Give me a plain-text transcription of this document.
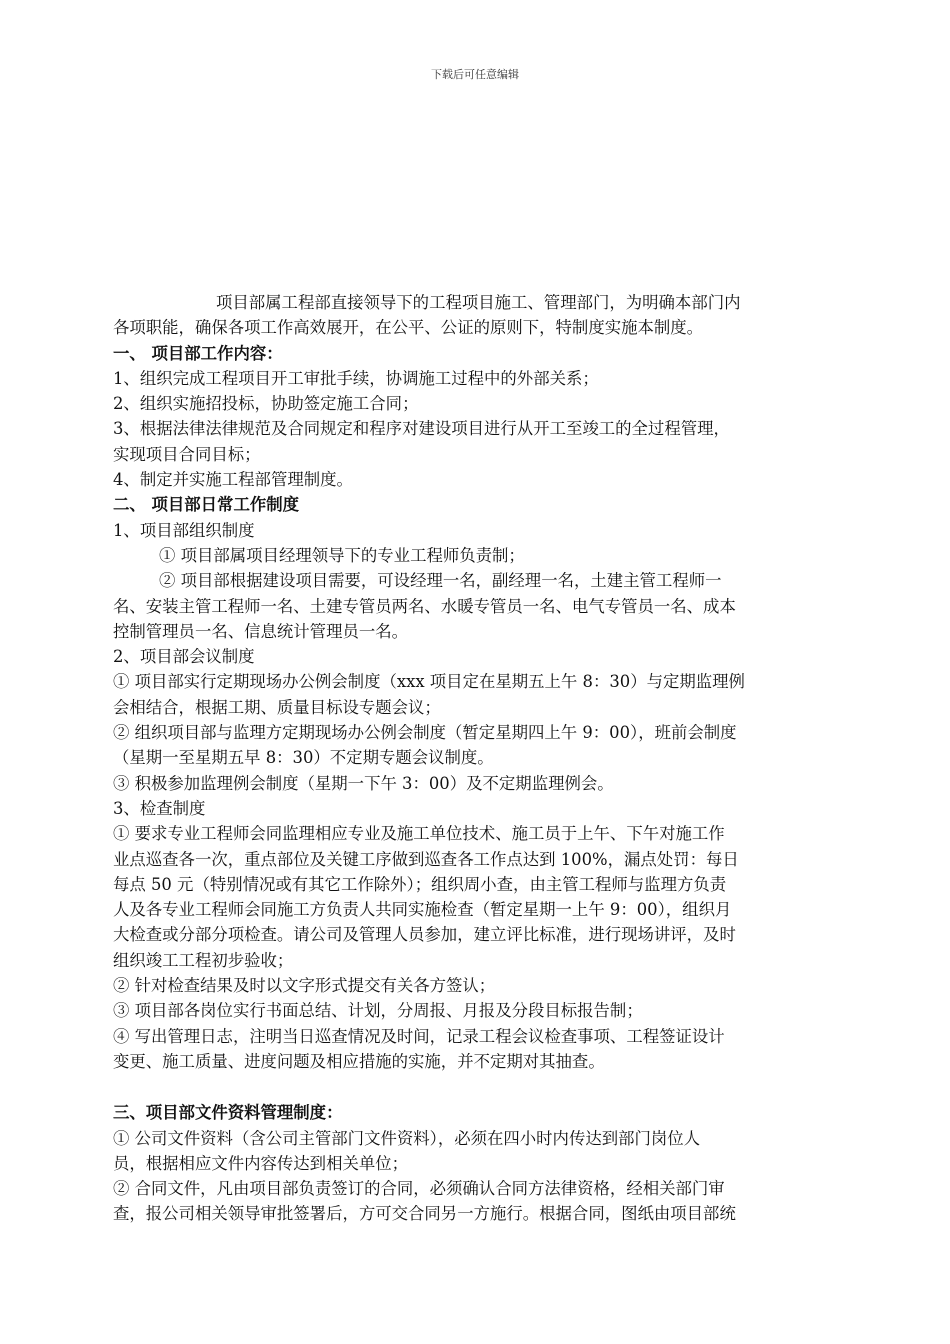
下载后可任意编辑
项目部属工程部直接领导下的工程项目施工、管理部门，为明确本部门内
各项职能，确保各项工作高效展开，在公平、公证的原则下，特制度实施本制度。
一、 项目部工作内容：
1、组织完成工程项目开工审批手续，协调施工过程中的外部关系；
2、组织实施招投标，协助签定施工合同；
3、根据法律法律规范及合同规定和程序对建设项目进行从开工至竣工的全过程管理，
实现项目合同目标；
4、制定并实施工程部管理制度。
二、 项目部日常工作制度
1、项目部组织制度
① 项目部属项目经理领导下的专业工程师负责制；
② 项目部根据建设项目需要，可设经理一名，副经理一名，土建主管工程师一
名、安装主管工程师一名、土建专管员两名、水暖专管员一名、电气专管员一名、成本
控制管理员一名、信息统计管理员一名。
2、项目部会议制度
① 项目部实行定期现场办公例会制度（xxx 项目定在星期五上午 8：30）与定期监理例
会相结合，根据工期、质量目标设专题会议；
② 组织项目部与监理方定期现场办公例会制度（暂定星期四上午 9：00），班前会制度
（星期一至星期五早 8：30）不定期专题会议制度。
③ 积极参加监理例会制度（星期一下午 3：00）及不定期监理例会。
3、检查制度
① 要求专业工程师会同监理相应专业及施工单位技术、施工员于上午、下午对施工作
业点巡查各一次，重点部位及关键工序做到巡查各工作点达到 100%，漏点处罚：每日
每点 50 元（特别情况或有其它工作除外）；组织周小查，由主管工程师与监理方负责
人及各专业工程师会同施工方负责人共同实施检查（暂定星期一上午 9：00），组织月
大检查或分部分项检查。请公司及管理人员参加，建立评比标准，进行现场讲评，及时
组织竣工工程初步验收；
② 针对检查结果及时以文字形式提交有关各方签认；
③ 项目部各岗位实行书面总结、计划，分周报、月报及分段目标报告制；
④ 写出管理日志，注明当日巡查情况及时间，记录工程会议检查事项、工程签证设计
变更、施工质量、进度问题及相应措施的实施，并不定期对其抽查。
三、项目部文件资料管理制度：
① 公司文件资料（含公司主管部门文件资料），必须在四小时内传达到部门岗位人
员，根据相应文件内容传达到相关单位；
② 合同文件，凡由项目部负责签订的合同，必须确认合同方法律资格，经相关部门审
查，报公司相关领导审批签署后，方可交合同另一方施行。根据合同，图纸由项目部统
